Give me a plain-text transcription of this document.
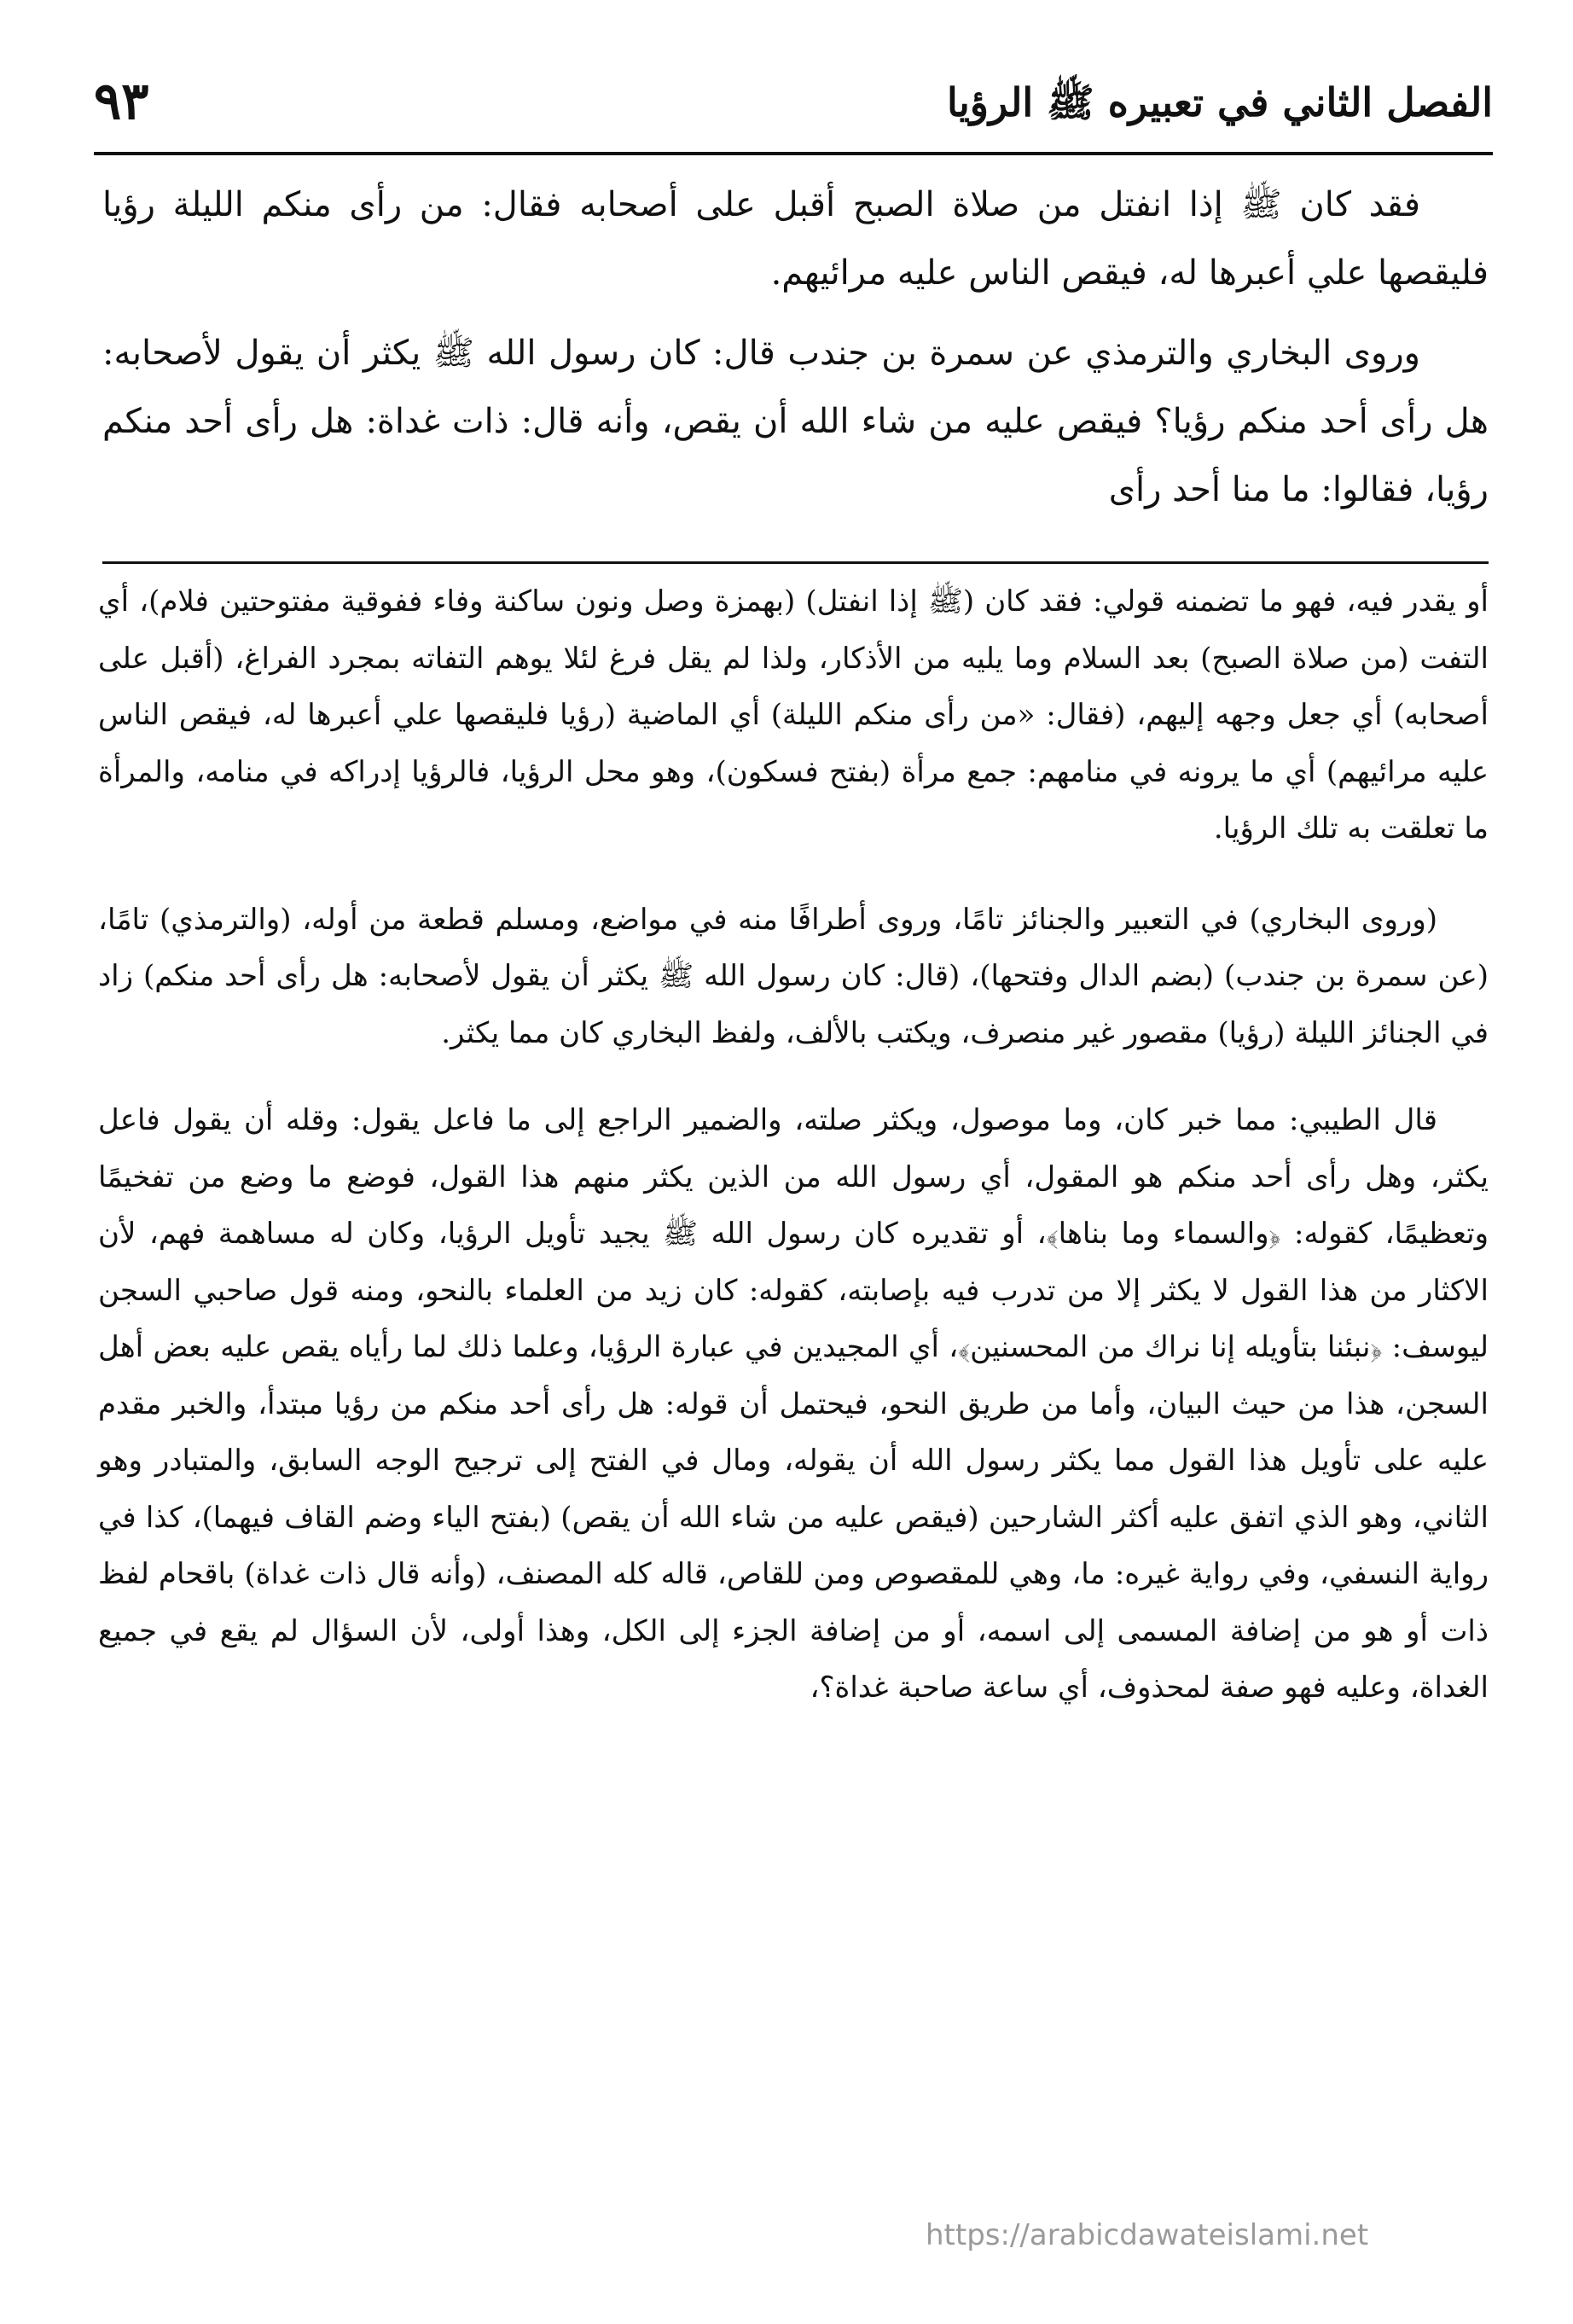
الفصل الثاني في تعبيره ﷺ الرؤيا
٩٣

فقد كان ﷺ إذا انفتل من صلاة الصبح أقبل على أصحابه فقال: من رأى منكم الليلة رؤيا فليقصها علي أعبرها له، فيقص الناس عليه مرائيهم.

وروى البخاري والترمذي عن سمرة بن جندب قال: كان رسول الله ﷺ يكثر أن يقول لأصحابه: هل رأى أحد منكم رؤيا؟ فيقص عليه من شاء الله أن يقص، وأنه قال: ذات غداة: هل رأى أحد منكم رؤيا، فقالوا: ما منا أحد رأى

أو يقدر فيه، فهو ما تضمنه قولي: فقد كان (ﷺ إذا انفتل) (بهمزة وصل ونون ساكنة وفاء ففوقية مفتوحتين فلام)، أي التفت (من صلاة الصبح) بعد السلام وما يليه من الأذكار، ولذا لم يقل فرغ لئلا يوهم التفاته بمجرد الفراغ، (أقبل على أصحابه) أي جعل وجهه إليهم، (فقال: «من رأى منكم الليلة) أي الماضية (رؤيا فليقصها علي أعبرها له، فيقص الناس عليه مرائيهم) أي ما يرونه في منامهم: جمع مرأة (بفتح فسكون)، وهو محل الرؤيا، فالرؤيا إدراكه في منامه، والمرأة ما تعلقت به تلك الرؤيا.

(وروى البخاري) في التعبير والجنائز تامًا، وروى أطرافًا منه في مواضع، ومسلم قطعة من أوله، (والترمذي) تامًا، (عن سمرة بن جندب) (بضم الدال وفتحها)، (قال: كان رسول الله ﷺ يكثر أن يقول لأصحابه: هل رأى أحد منكم) زاد في الجنائز الليلة (رؤيا) مقصور غير منصرف، ويكتب بالألف، ولفظ البخاري كان مما يكثر.

قال الطيبي: مما خبر كان، وما موصول، ويكثر صلته، والضمير الراجع إلى ما فاعل يقول: وقله أن يقول فاعل يكثر، وهل رأى أحد منكم هو المقول، أي رسول الله من الذين يكثر منهم هذا القول، فوضع ما وضع من تفخيمًا وتعظيمًا، كقوله: ﴿والسماء وما بناها﴾، أو تقديره كان رسول الله ﷺ يجيد تأويل الرؤيا، وكان له مساهمة فهم، لأن الاكثار من هذا القول لا يكثر إلا من تدرب فيه بإصابته، كقوله: كان زيد من العلماء بالنحو، ومنه قول صاحبي السجن ليوسف: ﴿نبئنا بتأويله إنا نراك من المحسنين﴾، أي المجيدين في عبارة الرؤيا، وعلما ذلك لما رأياه يقص عليه بعض أهل السجن، هذا من حيث البيان، وأما من طريق النحو، فيحتمل أن قوله: هل رأى أحد منكم من رؤيا مبتدأ، والخبر مقدم عليه على تأويل هذا القول مما يكثر رسول الله أن يقوله، ومال في الفتح إلى ترجيح الوجه السابق، والمتبادر وهو الثاني، وهو الذي اتفق عليه أكثر الشارحين (فيقص عليه من شاء الله أن يقص) (بفتح الياء وضم القاف فيهما)، كذا في رواية النسفي، وفي رواية غيره: ما، وهي للمقصوص ومن للقاص، قاله كله المصنف، (وأنه قال ذات غداة) باقحام لفظ ذات أو هو من إضافة المسمى إلى اسمه، أو من إضافة الجزء إلى الكل، وهذا أولى، لأن السؤال لم يقع في جميع الغداة، وعليه فهو صفة لمحذوف، أي ساعة صاحبة غداة؟،

https://arabicdawateislami.net
